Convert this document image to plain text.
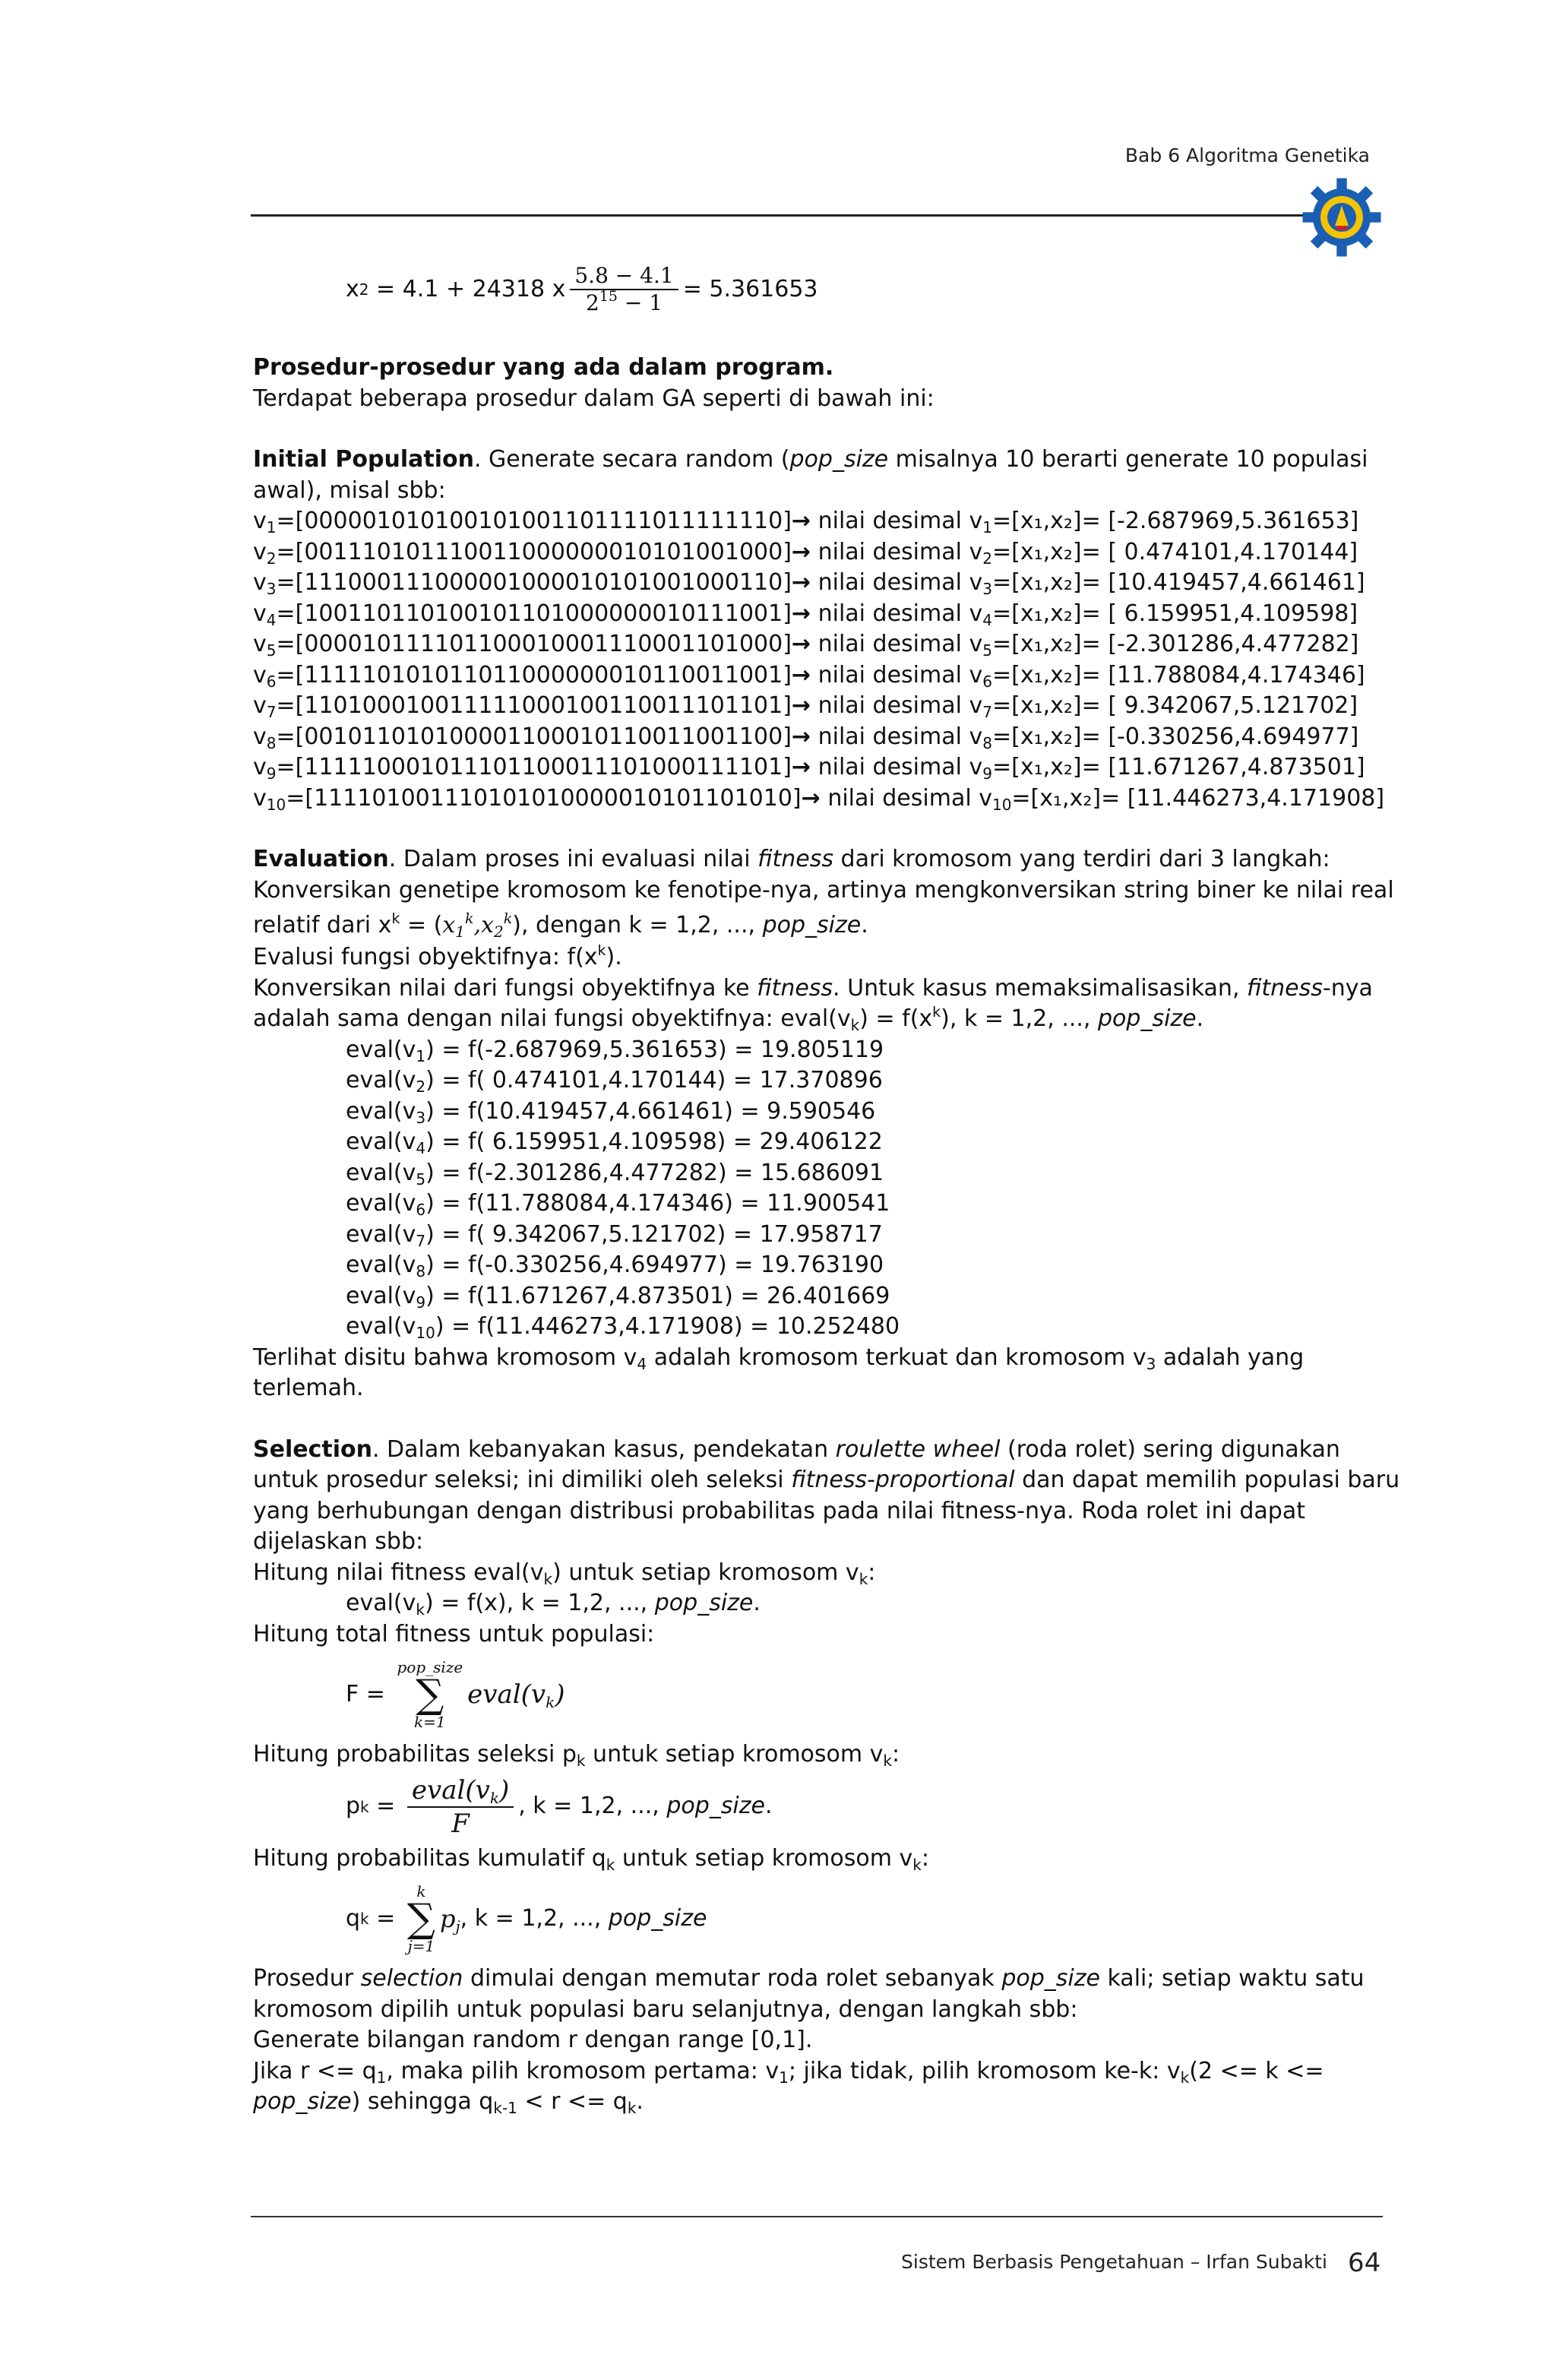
Bab 6 Algoritma Genetika
x 2 = 4.1 + 24318 x $\frac{5.8 - 4.1}{2^{15} - 1} = 5.361653$
Prosedur-prosedur yang ada dalam program.
Terdapat beberapa prosedur dalam GA seperti di bawah ini:
Initial Population. Generate secara random (pop_size misalnya 10 berarti generate 10 populasi
awal), misal sbb:
$v_1=[000001010100101001101111011111110]\to$ nilai desimal $v_1=[x_1,x_2]= [-2.687969,5.361653]$
$v_2=[001110101110011000000010101001000]\to$ nilai desimal $v_2=[x_1,x_2]=$ [ 0.474101,4.170144]
$v_3=[111000111000001000010101001000110]\to$ nilai desimal $v_3=[x_1,x_2]= [10.419457,4.661461]$
$v_4=[100110110100101101000000010111001]\to$ nilai desimal $v_4=[x_1,x_2]=$ [ 6.159951,4.109598]
$v_5=[000010111101100010001110001101000]\to$ nilai desimal $v_5=[x_1,x_2]= [-2.301286,4.477282]$
$v_6=[111110101011011000000010110011001]\to$ nilai desimal $v_6=[x_1,x_2]= [11.788084,4.174346]$
$v_7=[110100010011111000100110011101101]\to$ nilai desimal $v_7=[x_1,x_2]=$ [ 9.342067,5.121702]
$v_8=[001011010100001100010110011001100]\to$ nilai desimal $v_8=[x_1,x_2]= [-0.330256,4.694977]$
$v_9=[111110001011101100011101000111101]\to$ nilai desimal $v_9=[x_1,x_2]= [11.671267,4.873501]$
$v_{10}=[111101001110101010000010101101010]\to$ nilai desimal $v_{10}=[x_1,x_2]= [11.446273,4.171908]$
Evaluation. Dalam proses ini evaluasi nilai fitness dari kromosom yang terdiri dari 3 langkah:
Konversikan genetipe kromosom ke fenotipe-nya, artinya mengkonversikan string biner ke nilai real
relatif dari $x^k = (x_1^k,x_2^k)$, dengan k = 1,2, ..., pop_size.
Evalusi fungsi obyektifnya: $f(x^k)$.
Konversikan nilai dari fungsi obyektifnya ke fitness. Untuk kasus memaksimalisasikan, fitness-nya
adalah sama dengan nilai fungsi obyektifnya: $eval(v_k) = f(x^k)$, k = 1,2, ..., pop_size.
$eval(v_1) = f(-2.687969,5.361653) = 19.805119$
$eval(v_2) = f$( 0.474101,4.170144) = 17.370896
$eval(v_3) = f(10.419457,4.661461) = 9.590546$
$eval(v_4) = f$( 6.159951,4.109598) = 29.406122
$eval(v_5) = f(-2.301286,4.477282) = 15.686091$
$eval(v_6) = f(11.788084,4.174346) = 11.900541$
$eval(v_7) = f$( 9.342067,5.121702) = 17.958717
$eval(v_8) = f(-0.330256,4.694977) = 19.763190$
$eval(v_9) = f(11.671267,4.873501) = 26.401669$
$eval(v_{10}) = f(11.446273,4.171908) = 10.252480$
Terlihat disitu bahwa kromosom $v_4$ adalah kromosom terkuat dan kromosom $v_3$ adalah yang
terlemah.
Selection. Dalam kebanyakan kasus, pendekatan roulette wheel (roda rolet) sering digunakan
untuk prosedur seleksi; ini dimiliki oleh seleksi fitness-proportional dan dapat memilih populasi baru
yang berhubungan dengan distribusi probabilitas pada nilai fitness-nya. Roda rolet ini dapat
dijelaskan sbb:
Hitung nilai fitness $eval(v_k)$ untuk setiap kromosom $v_k$:
$eval(v_k) = f(x)$, k = 1,2, ..., pop_size.
Hitung total fitness untuk populasi:
F =
pop_size
∑
k=1
$eval(v_k)$
Hitung probabilitas seleksi $p_k$ untuk setiap kromosom $v_k$:
p $k = \frac{eval(v_k)}{F}$ , k = 1,2, ..., pop_size .
Hitung probabilitas kumulatif $q_k$ untuk setiap kromosom $v_k$:
q k =
k
∑
j=1
$p_j$ , k = 1,2, ..., pop_size
Prosedur selection dimulai dengan memutar roda rolet sebanyak pop_size kali; setiap waktu satu
kromosom dipilih untuk populasi baru selanjutnya, dengan langkah sbb:
Generate bilangan random r dengan range [0,1].
Jika $r <= q_1$, maka pilih kromosom pertama: $v_1$; jika tidak, pilih kromosom ke-k: $v_k(2 <= k$ <=
pop_size) sehingga $q_{k-1} < r <= q_k$.
Sistem Berbasis Pengetahuan – Irfan Subakti 64
